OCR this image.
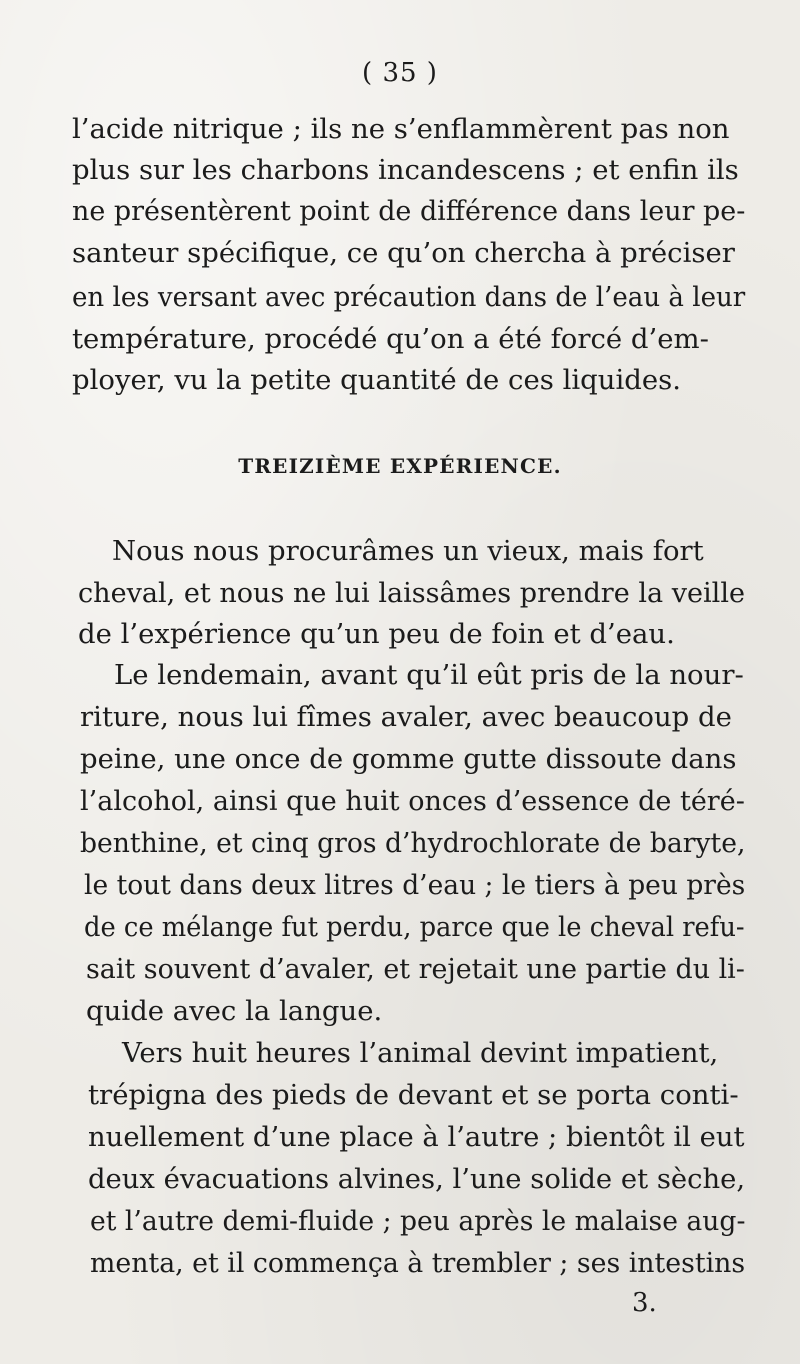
( 35 )
l’acide nitrique ; ils ne s’enflammèrent pas non
plus sur les charbons incandescens ; et enfin ils
ne présentèrent point de différence dans leur pe-
santeur spécifique, ce qu’on chercha à préciser
en les versant avec précaution dans de l’eau à leur
température, procédé qu’on a été forcé d’em-
ployer, vu la petite quantité de ces liquides.
TREIZIÈME EXPÉRIENCE.
Nous nous procurâmes un vieux, mais fort
cheval, et nous ne lui laissâmes prendre la veille
de l’expérience qu’un peu de foin et d’eau.
Le lendemain, avant qu’il eût pris de la nour-
riture, nous lui fîmes avaler, avec beaucoup de
peine, une once de gomme gutte dissoute dans
l’alcohol, ainsi que huit onces d’essence de téré-
benthine, et cinq gros d’hydrochlorate de baryte,
le tout dans deux litres d’eau ; le tiers à peu près
de ce mélange fut perdu, parce que le cheval refu-
sait souvent d’avaler, et rejetait une partie du li-
quide avec la langue.
Vers huit heures l’animal devint impatient,
trépigna des pieds de devant et se porta conti-
nuellement d’une place à l’autre ; bientôt il eut
deux évacuations alvines, l’une solide et sèche,
et l’autre demi-fluide ; peu après le malaise aug-
menta, et il commença à trembler ; ses intestins
3.
